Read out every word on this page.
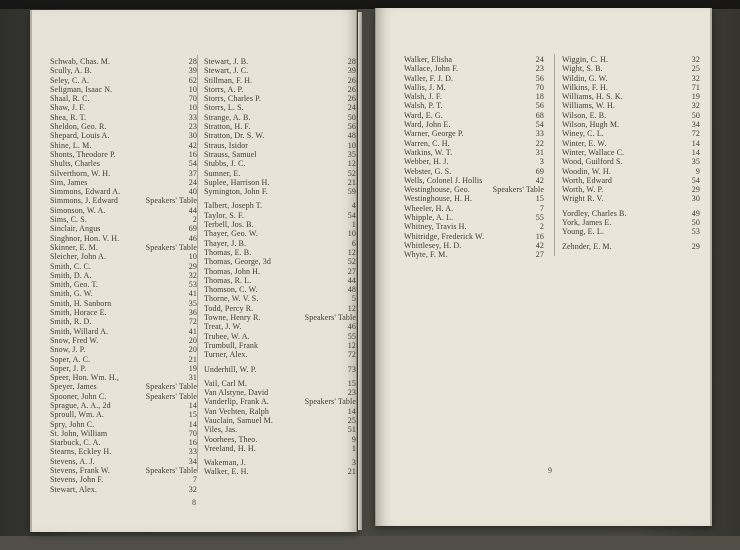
Schwab, Chas. M.	28
Scully, A. B.	39
Seley, C. A.	62
Seligman, Isaac N.	10
Shaal, R. C.	70
Shaw, J. F.	10
Shea, R. T.	33
Sheldon, Geo. R.	23
Shepard, Louis A.	30
Shine, L. M.	42
Shonts, Theodore P.	16
Shults, Charles	54
Silverthorn, W. H.	37
Sim, James	24
Simmons, Edward A.	40
Simmons, J. Edward	Speakers' Table
Simonson, W. A.	44
Sims, C. S.	2
Sinclair, Angus	69
Singhnor, Hon. V. H.	46
Skinner, E. M.	Speakers' Table
Sleicher, John A.	10
Smith, C. C.	29
Smith, D. A.	32
Smith, Geo. T.	53
Smith, G. W.	41
Smith, H. Sanborn	35
Smith, Horace E.	36
Smith, R. D.	72
Smith, Willard A.	41
Snow, Fred W.	20
Snow, J. P.	20
Soper, A. C.	21
Soper, J. P.	19
Speer, Hon. Wm. H.,	31
Speyer, James	Speakers' Table
Spooner, John C.	Speakers' Table
Sprague, A. A., 2d	14
Sproull, Wm. A.	15
Spry, John C.	14
St. John, William	70
Starbuck, C. A.	16
Stearns, Eckley H.	33
Stevens, A. J.	34
Stevens, Frank W.	Speakers' Table
Stevens, John F.	7
Stewart, Alex.	32
Stewart, J. B.	28
Stewart, J. C.	39
Stillman, F. H.	26
Storrs, A. P.	26
Storrs, Charles P.	26
Storrs, L. S.	24
Strange, A. B.	50
Stratton, H. F.	56
Stratton, Dr. S. W.	48
Straus, Isidor	10
Strauss, Samuel	35
Stubbs, J. C.	12
Sumner, E.	52
Suplee, Harrison H.	21
Symington, John F.	59
Talbert, Joseph T.	4
Taylor, S. F.	54
Terbell, Jos. B.	1
Thayer, Geo. W.	10
Thayer, J. B.	6
Thomas, E. B.	12
Thomas, George, 3d	52
Thomas, John H.	27
Thomas, R. L.	44
Thomson, C. W.	48
Thorne, W. V. S.	5
Todd, Percy R.	12
Towne, Henry R.	Speakers' Table
Treat, J. W.	46
Trubee, W. A.	55
Trumbull, Frank	12
Turner, Alex.	72
Underhill, W. P.	73
Vail, Carl M.	15
Van Alstyne, David	23
Vanderlip, Frank A.	Speakers' Table
Van Vechten, Ralph	14
Vauclain, Samuel M.	25
Viles, Jas.	51
Voorhees, Theo.	9
Vreeland, H. H.	1
Wakeman, J.	3
Walker, E. H.	21
8
Walker, Elisha	24
Wallace, John F.	23
Waller, F. J. D.	56
Wallis, J. M.	70
Walsh, J. F.	18
Walsh, P. T.	56
Ward, E. G.	68
Ward, John E.	54
Warner, George P.	33
Warren, C. H.	22
Watkins, W. T.	31
Webber, H. J.	3
Webster, G. S.	69
Wells, Colonel J. Hollis	42
Westinghouse, Geo.	Speakers' Table
Westinghouse, H. H.	15
Wheeler, H. A.	7
Whipple, A. L.	55
Whitney, Travis H.	2
Whitridge, Frederick W.	16
Whittlesey, H. D.	42
Whyte, F. M.	27
Wiggin, C. H.	32
Wight, S. B.	25
Wildin, G. W.	32
Wilkins, F. H.	71
Williams, H. S. K.	19
Williams, W. H.	32
Wilson, E. B.	50
Wilson, Hugh M.	34
Winey, C. L.	72
Winter, E. W.	14
Winter, Wallace C.	14
Wood, Guilford S.	35
Woodin, W. H.	9
Worth, Edward	54
Worth, W. P.	29
Wright R. V.	30
Yordley, Charles B.	49
York, James E.	50
Young, E. L.	53
Zehnder, E. M.	29
9
